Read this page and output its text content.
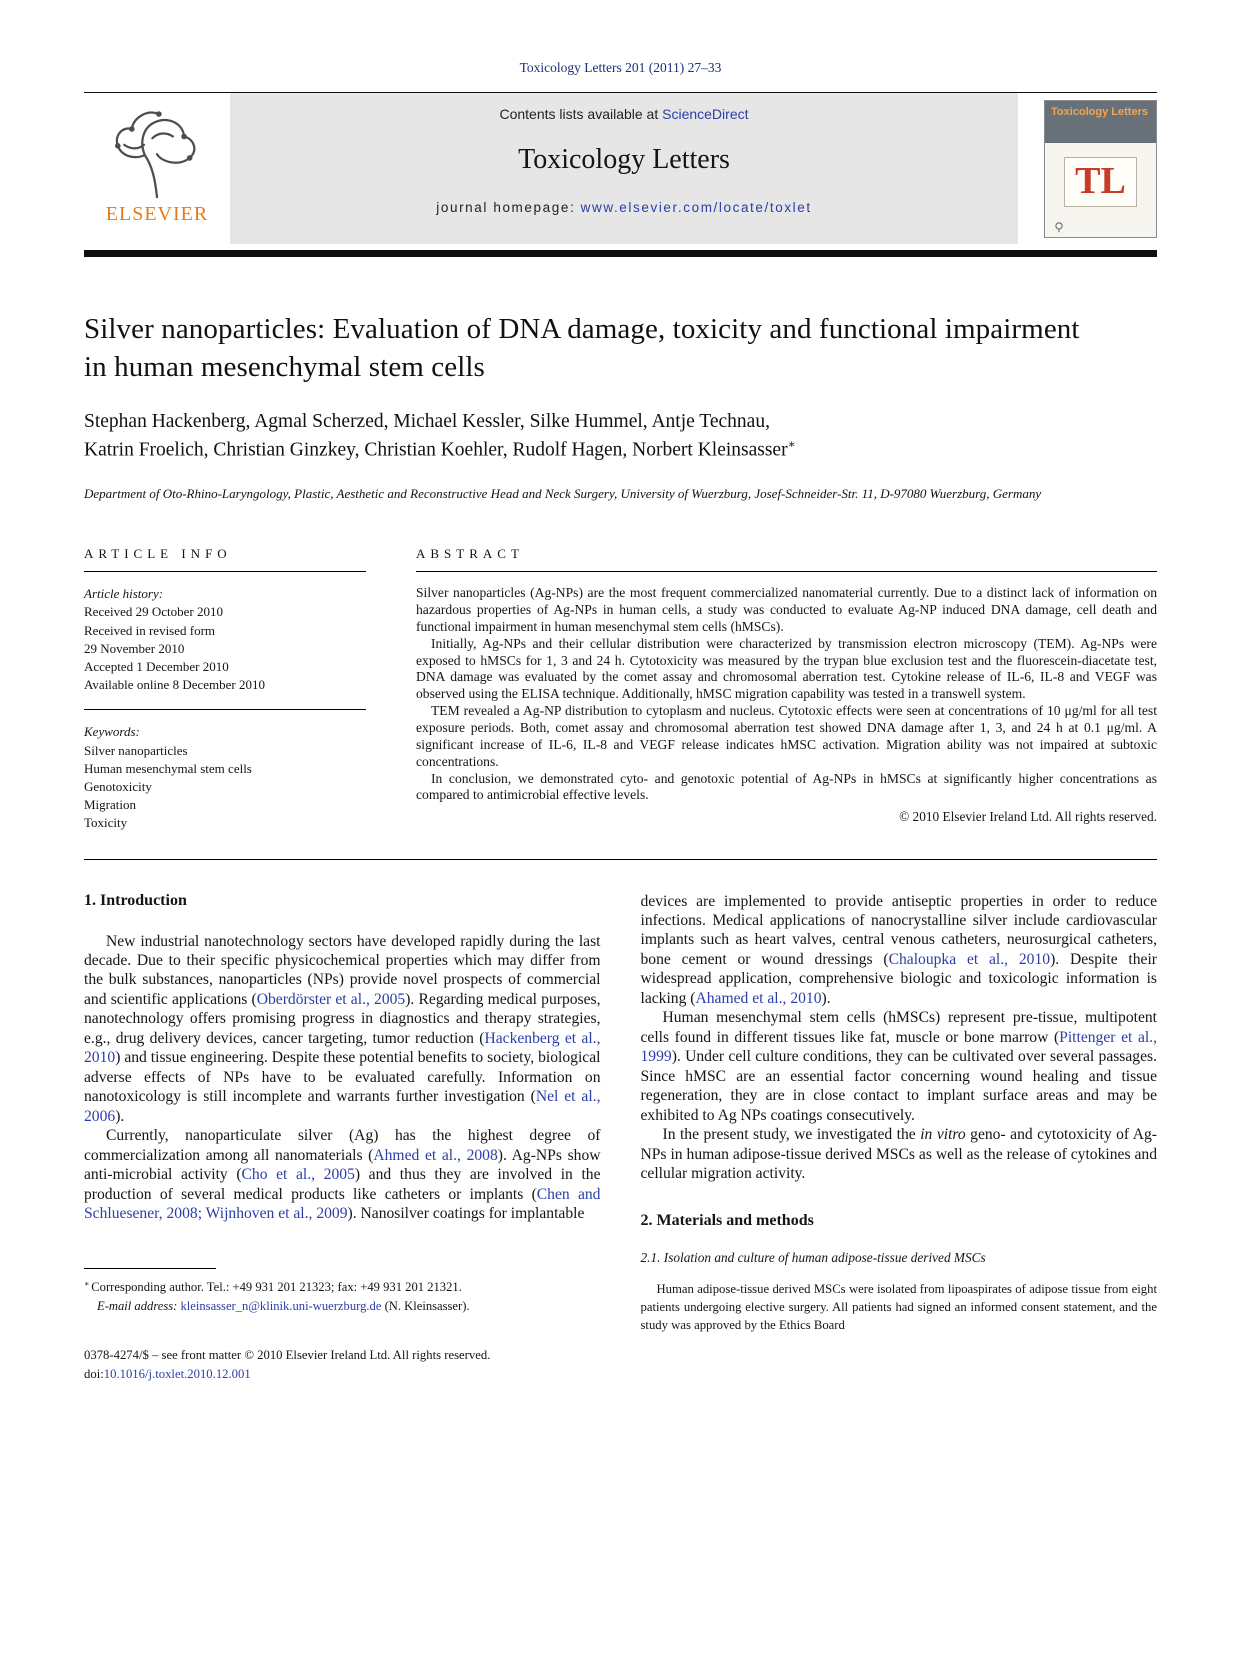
Toxicology Letters 201 (2011) 27–33
ELSEVIER
Contents lists available at ScienceDirect
Toxicology Letters
journal homepage: www.elsevier.com/locate/toxlet
Toxicology Letters
TL
Silver nanoparticles: Evaluation of DNA damage, toxicity and functional impairment in human mesenchymal stem cells
Stephan Hackenberg, Agmal Scherzed, Michael Kessler, Silke Hummel, Antje Technau,
Katrin Froelich, Christian Ginzkey, Christian Koehler, Rudolf Hagen, Norbert Kleinsasser∗
Department of Oto-Rhino-Laryngology, Plastic, Aesthetic and Reconstructive Head and Neck Surgery, University of Wuerzburg, Josef-Schneider-Str. 11, D-97080 Wuerzburg, Germany
ARTICLE INFO
Article history:
Received 29 October 2010
Received in revised form
29 November 2010
Accepted 1 December 2010
Available online 8 December 2010
Keywords:
Silver nanoparticles
Human mesenchymal stem cells
Genotoxicity
Migration
Toxicity
ABSTRACT

Silver nanoparticles (Ag-NPs) are the most frequent commercialized nanomaterial currently. Due to a distinct lack of information on hazardous properties of Ag-NPs in human cells, a study was conducted to evaluate Ag-NP induced DNA damage, cell death and functional impairment in human mesenchymal stem cells (hMSCs).

Initially, Ag-NPs and their cellular distribution were characterized by transmission electron microscopy (TEM). Ag-NPs were exposed to hMSCs for 1, 3 and 24 h. Cytotoxicity was measured by the trypan blue exclusion test and the fluorescein-diacetate test, DNA damage was evaluated by the comet assay and chromosomal aberration test. Cytokine release of IL-6, IL-8 and VEGF was observed using the ELISA technique. Additionally, hMSC migration capability was tested in a transwell system.

TEM revealed a Ag-NP distribution to cytoplasm and nucleus. Cytotoxic effects were seen at concentrations of 10 μg/ml for all test exposure periods. Both, comet assay and chromosomal aberration test showed DNA damage after 1, 3, and 24 h at 0.1 μg/ml. A significant increase of IL-6, IL-8 and VEGF release indicates hMSC activation. Migration ability was not impaired at subtoxic concentrations.

In conclusion, we demonstrated cyto- and genotoxic potential of Ag-NPs in hMSCs at significantly higher concentrations as compared to antimicrobial effective levels.

© 2010 Elsevier Ireland Ltd. All rights reserved.
1. Introduction

New industrial nanotechnology sectors have developed rapidly during the last decade. Due to their specific physicochemical properties which may differ from the bulk substances, nanoparticles (NPs) provide novel prospects of commercial and scientific applications (Oberdörster et al., 2005). Regarding medical purposes, nanotechnology offers promising progress in diagnostics and therapy strategies, e.g., drug delivery devices, cancer targeting, tumor reduction (Hackenberg et al., 2010) and tissue engineering. Despite these potential benefits to society, biological adverse effects of NPs have to be evaluated carefully. Information on nanotoxicology is still incomplete and warrants further investigation (Nel et al., 2006).

Currently, nanoparticulate silver (Ag) has the highest degree of commercialization among all nanomaterials (Ahmed et al., 2008). Ag-NPs show anti-microbial activity (Cho et al., 2005) and thus they are involved in the production of several medical products like catheters or implants (Chen and Schluesener, 2008; Wijnhoven et al., 2009). Nanosilver coatings for implantable

∗ Corresponding author. Tel.: +49 931 201 21323; fax: +49 931 201 21321.
E-mail address: kleinsasser_n@klinik.uni-wuerzburg.de (N. Kleinsasser).
0378-4274/$ – see front matter © 2010 Elsevier Ireland Ltd. All rights reserved.
doi:10.1016/j.toxlet.2010.12.001

devices are implemented to provide antiseptic properties in order to reduce infections. Medical applications of nanocrystalline silver include cardiovascular implants such as heart valves, central venous catheters, neurosurgical catheters, bone cement or wound dressings (Chaloupka et al., 2010). Despite their widespread application, comprehensive biologic and toxicologic information is lacking (Ahamed et al., 2010).

Human mesenchymal stem cells (hMSCs) represent pre-tissue, multipotent cells found in different tissues like fat, muscle or bone marrow (Pittenger et al., 1999). Under cell culture conditions, they can be cultivated over several passages. Since hMSC are an essential factor concerning wound healing and tissue regeneration, they are in close contact to implant surface areas and may be exhibited to Ag NPs coatings consecutively.

In the present study, we investigated the in vitro geno- and cytotoxicity of Ag-NPs in human adipose-tissue derived MSCs as well as the release of cytokines and cellular migration activity.

2. Materials and methods
2.1. Isolation and culture of human adipose-tissue derived MSCs

Human adipose-tissue derived MSCs were isolated from lipoaspirates of adipose tissue from eight patients undergoing elective surgery. All patients had signed an informed consent statement, and the study was approved by the Ethics Board
